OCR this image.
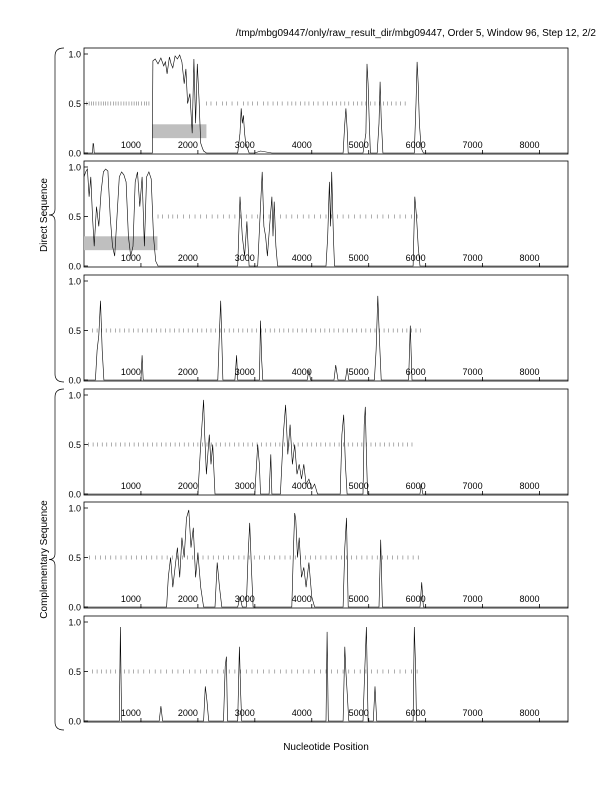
/tmp/mbg09447/only/raw_result_dir/mbg09447, Order 5, Window 96, Step 12, 2/2
0.0
0.5
1.0
1000	2000	3000	4000	5000	6000	7000	8000
0.0
0.5
1.0
1000	2000	3000	4000	5000	6000	7000	8000
0.0
0.5
1.0
1000	2000	3000	4000	5000	6000	7000	8000
0.0
0.5
1.0
1000	2000	3000	4000	5000	6000	7000	8000
0.0
0.5
1.0
1000	2000	3000	4000	5000	6000	7000	8000
0.0
0.5
1.0
1000	2000	3000	4000	5000	6000	7000	8000
Direct Sequence
Complementary Sequence
Nucleotide Position
